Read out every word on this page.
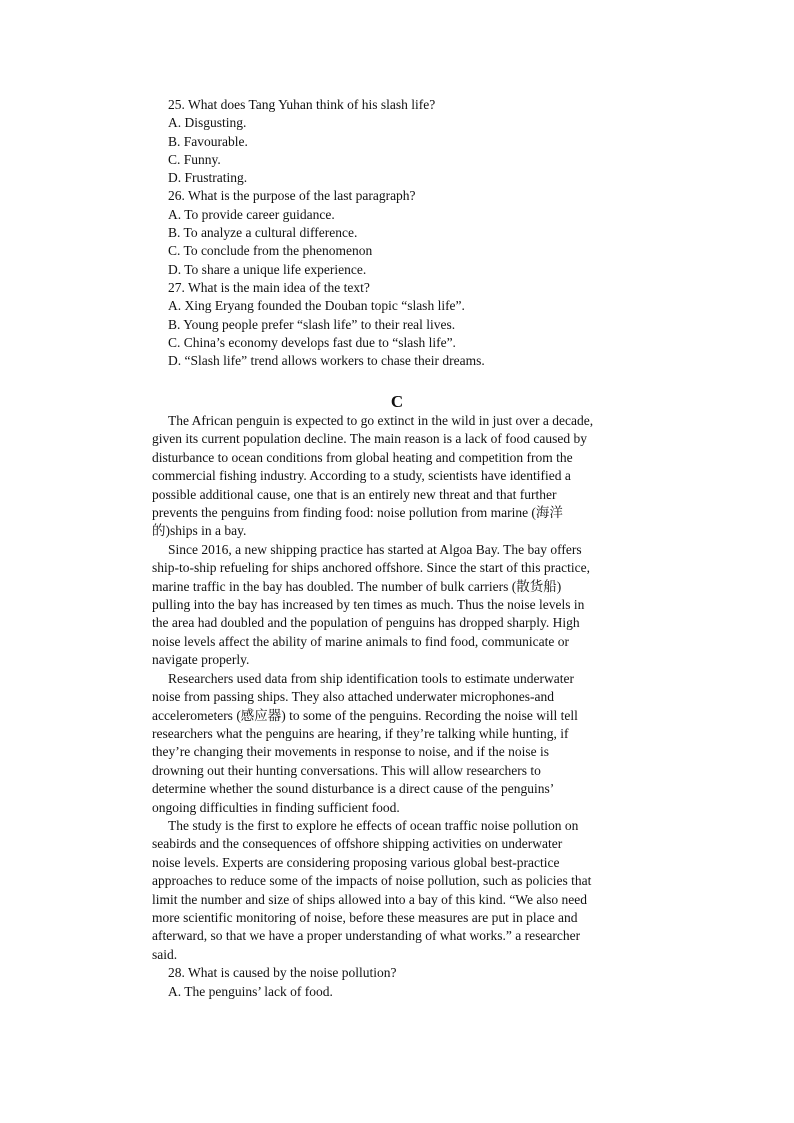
25. What does Tang Yuhan think of his slash life?
A. Disgusting.
B. Favourable.
C. Funny.
D. Frustrating.
26. What is the purpose of the last paragraph?
A. To provide career guidance.
B. To analyze a cultural difference.
C. To conclude from the phenomenon
D. To share a unique life experience.
27. What is the main idea of the text?
A. Xing Eryang founded the Douban topic “slash life”.
B. Young people prefer “slash life” to their real lives.
C. China’s economy develops fast due to “slash life”.
D. “Slash life” trend allows workers to chase their dreams.
C
The African penguin is expected to go extinct in the wild in just over a decade,
given its current population decline. The main reason is a lack of food caused by
disturbance to ocean conditions from global heating and competition from the
commercial fishing industry. According to a study, scientists have identified a
possible additional cause, one that is an entirely new threat and that further
prevents the penguins from finding food: noise pollution from marine (海洋
的)ships in a bay.
Since 2016, a new shipping practice has started at Algoa Bay. The bay offers
ship-to-ship refueling for ships anchored offshore. Since the start of this practice,
marine traffic in the bay has doubled. The number of bulk carriers (散货船)
pulling into the bay has increased by ten times as much. Thus the noise levels in
the area had doubled and the population of penguins has dropped sharply. High
noise levels affect the ability of marine animals to find food, communicate or
navigate properly.
Researchers used data from ship identification tools to estimate underwater
noise from passing ships. They also attached underwater microphones-and
accelerometers (感应器) to some of the penguins. Recording the noise will tell
researchers what the penguins are hearing, if they’re talking while hunting, if
they’re changing their movements in response to noise, and if the noise is
drowning out their hunting conversations. This will allow researchers to
determine whether the sound disturbance is a direct cause of the penguins’
ongoing difficulties in finding sufficient food.
The study is the first to explore he effects of ocean traffic noise pollution on
seabirds and the consequences of offshore shipping activities on underwater
noise levels. Experts are considering proposing various global best-practice
approaches to reduce some of the impacts of noise pollution, such as policies that
limit the number and size of ships allowed into a bay of this kind. “We also need
more scientific monitoring of noise, before these measures are put in place and
afterward, so that we have a proper understanding of what works.” a researcher
said.
28. What is caused by the noise pollution?
A. The penguins’ lack of food.
